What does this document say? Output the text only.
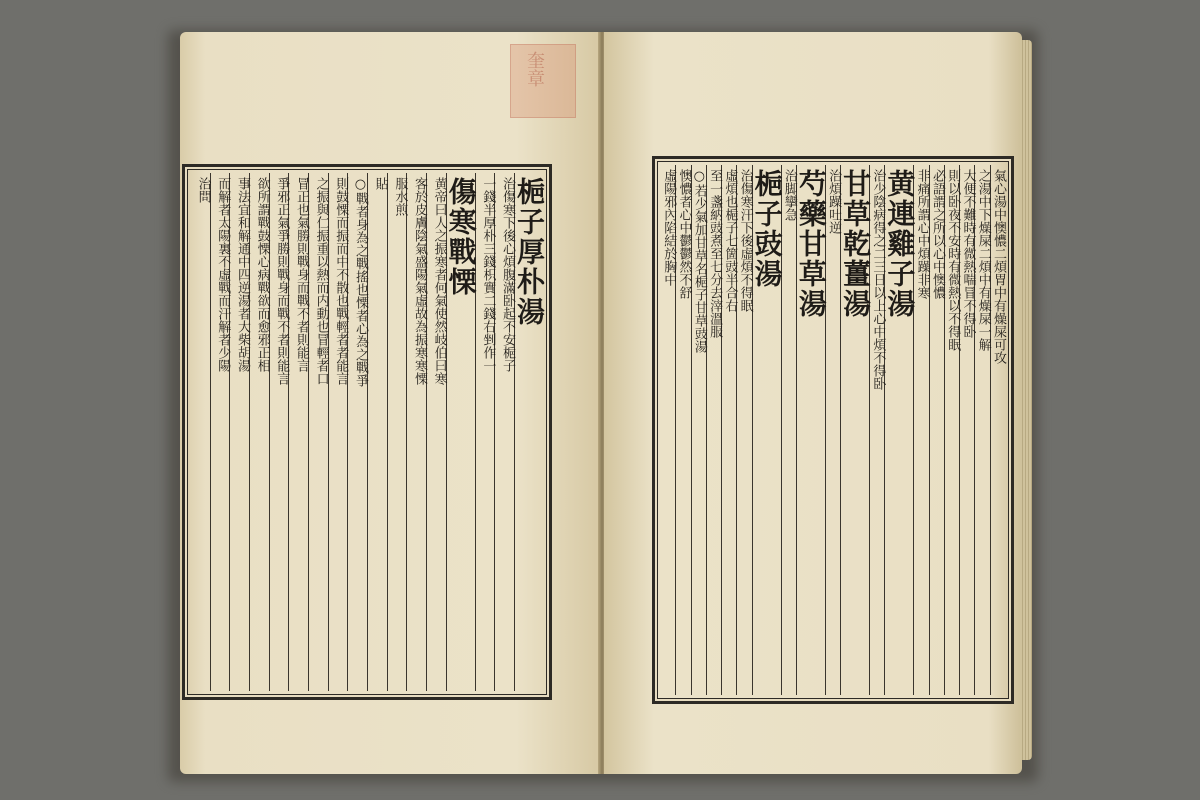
奎章
梔子厚朴湯
治傷寒下後心煩腹滿卧起不安梔子
一錢半厚朴三錢枳實二錢右剉作一
傷寒戰慄
黄帝曰人之振寒者何氣使然岐伯曰寒
客於皮膚陰氣盛陽氣虛故為振寒寒慄
服水煎
貼
○戰者身為之戰搖也慄者心為之戰爭
則鼓慄而振而中不散也戰輕者者能言
之振與仁振重以熱而内動也冒輕者口
冒正也氣勝則戰身而戰不者則能言
爭邪正氣爭勝則戰身而戰不者則能言
欲所謂戰鼓慄心病戰欲而愈邪正相
事法宜和解通中四逆湯者大柴胡湯
而解者太陽裏不虛戰而汗解者少陽
治問	氣心湯中懊憹二煩胃中有燥屎可攻
之湯中下燥屎二煩中有燥屎一解
大便不難時有微熱喘冒不得卧
則以卧夜不安時有微熱以不得眠
必語謂之所以心中懊憹
非痛所謂心中煩躁非寒
黄連雞子湯
治少陰病得之二三日以上心中煩不得卧
甘草乾薑湯
治煩躁吐逆
芍藥甘草湯
治脚攣急
梔子豉湯
治傷寒汗下後虛煩不得眠
虛煩也梔子七箇豉半合右
至一盞納豉煮至七分去滓溫服
○若少氣加甘草名梔子甘草豉湯
懊憹者心中鬱鬱然不舒
虛陽邪內陷結於胸中
